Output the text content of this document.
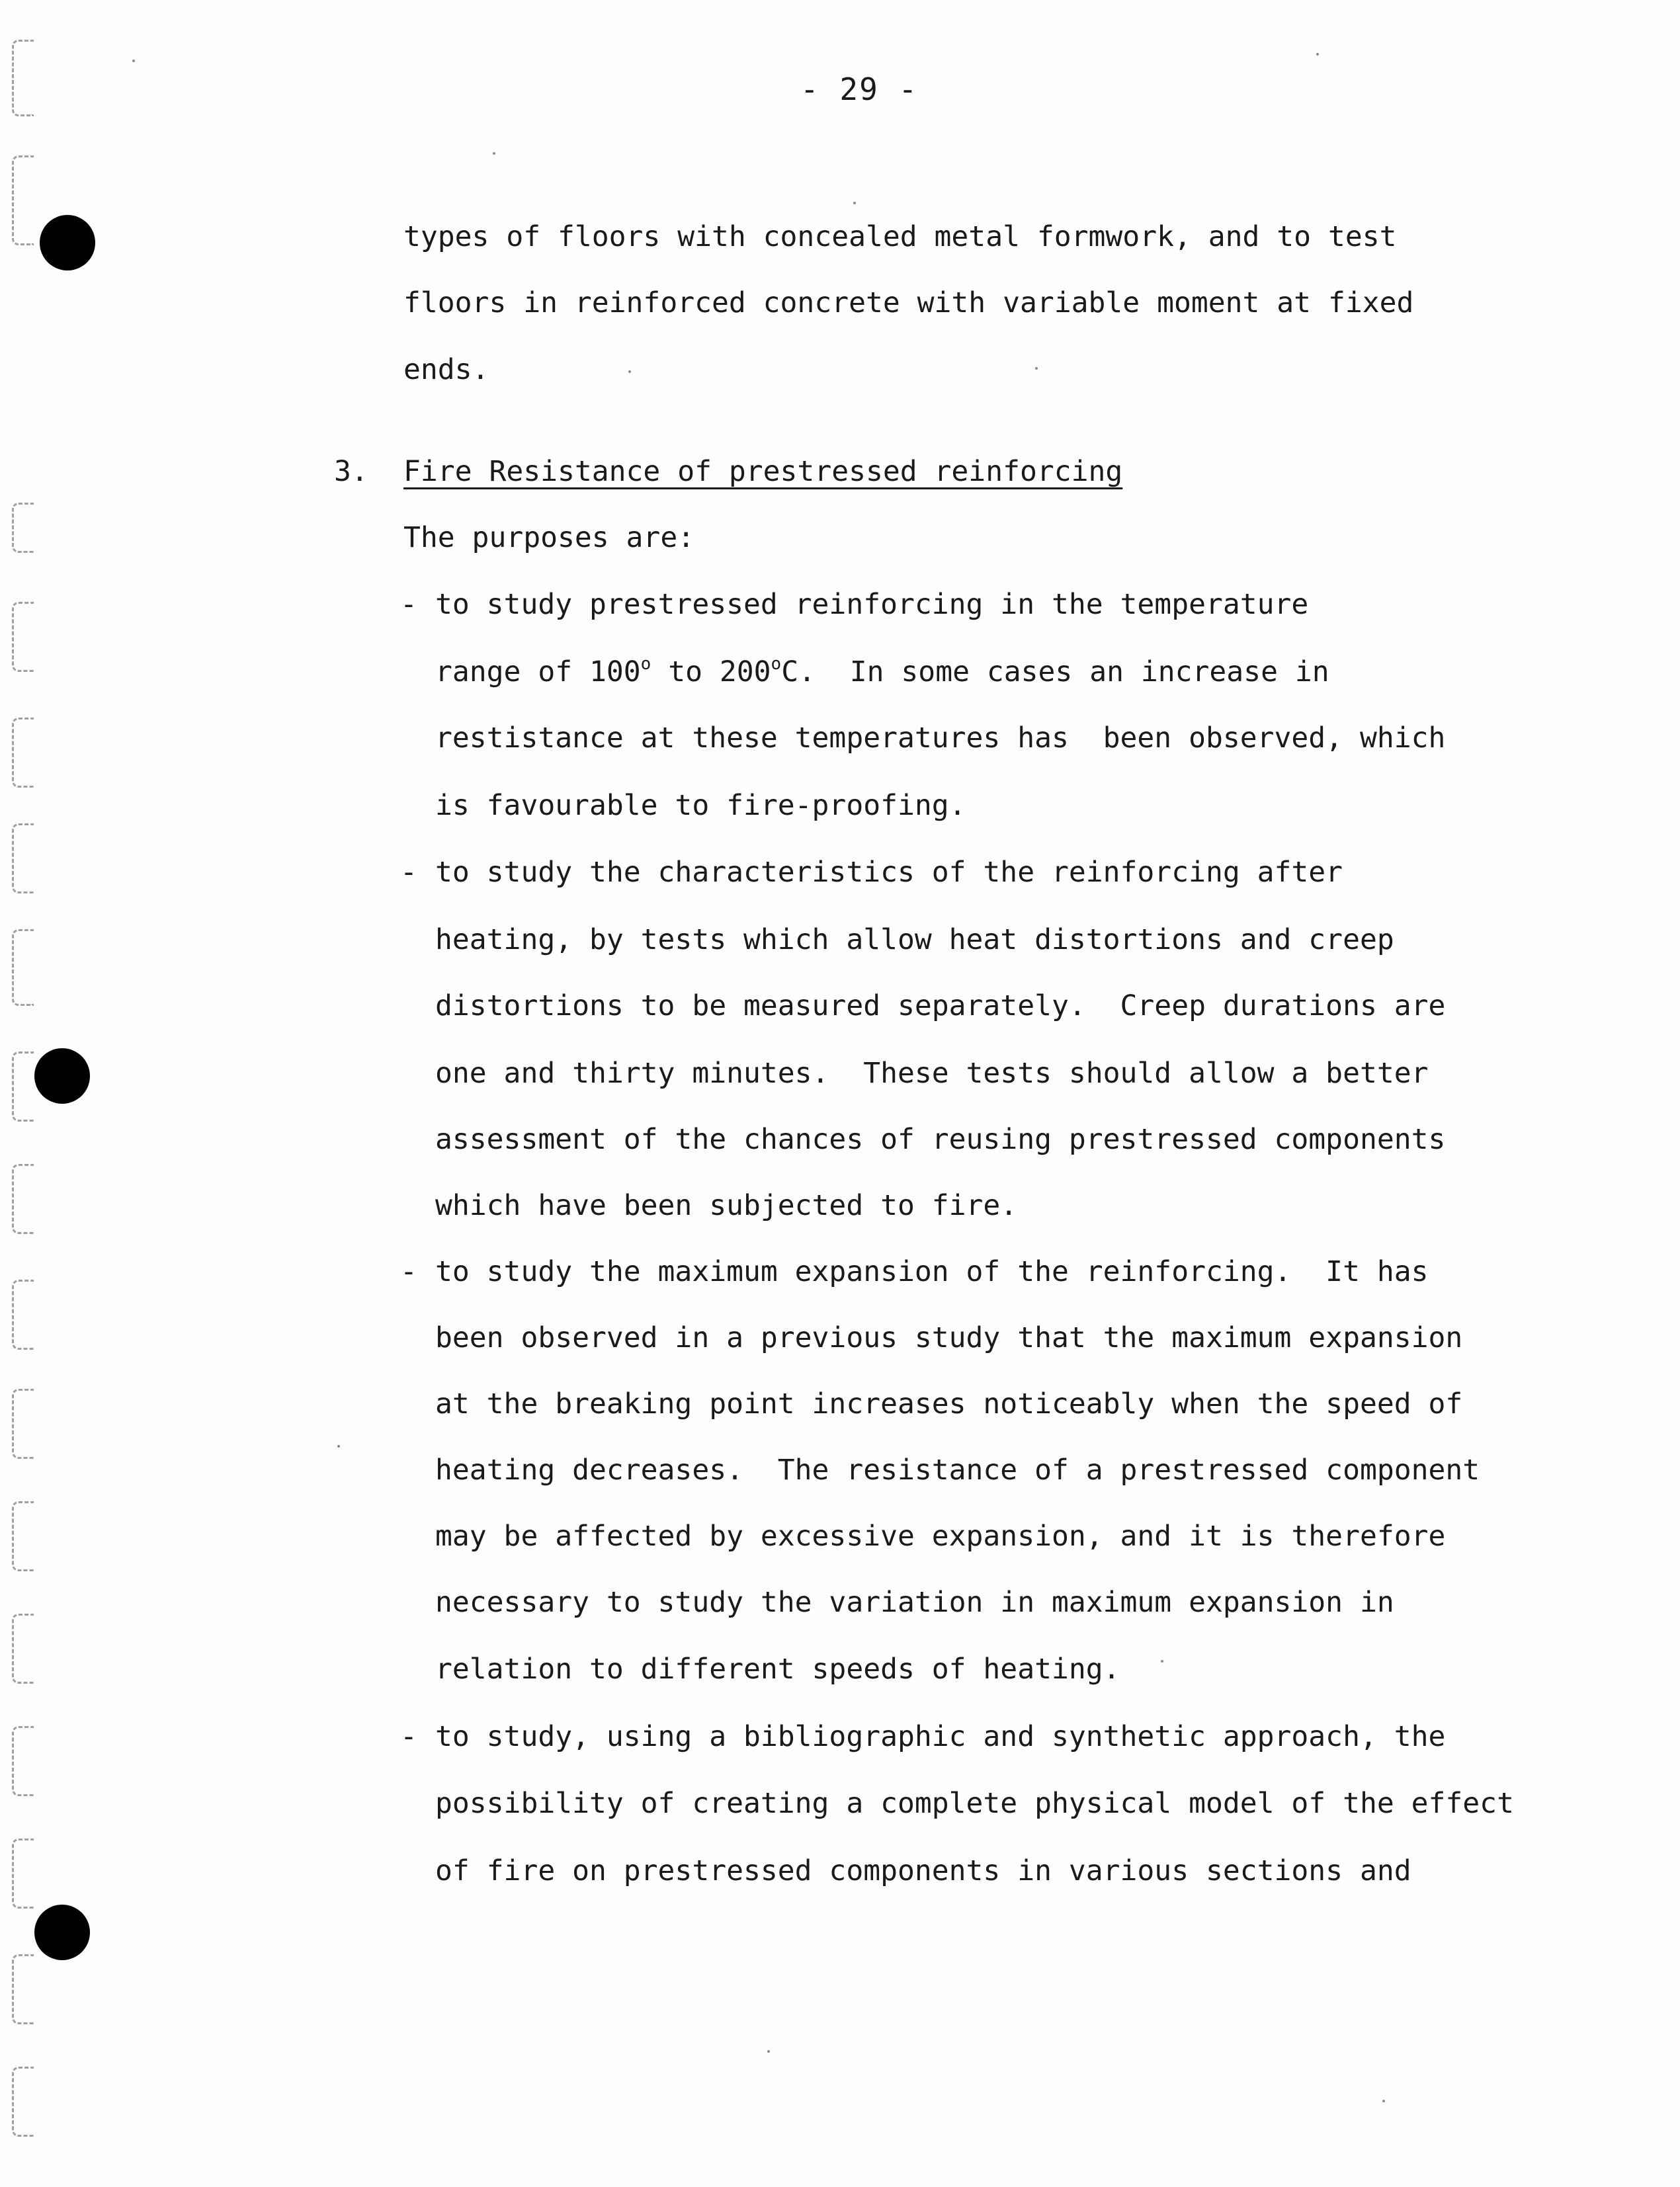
- 29 -
types of floors with concealed metal formwork, and to test
floors in reinforced concrete with variable moment at fixed
ends.
3. Fire Resistance of prestressed reinforcing
The purposes are:
- to study prestressed reinforcing in the temperature
range of 100$^o$ to 200$^o$C.  In some cases an increase in
restistance at these temperatures has  been observed, which
is favourable to fire-proofing.
- to study the characteristics of the reinforcing after
heating, by tests which allow heat distortions and creep
distortions to be measured separately.  Creep durations are
one and thirty minutes.  These tests should allow a better
assessment of the chances of reusing prestressed components
which have been subjected to fire.
- to study the maximum expansion of the reinforcing.  It has
been observed in a previous study that the maximum expansion
at the breaking point increases noticeably when the speed of
heating decreases.  The resistance of a prestressed component
may be affected by excessive expansion, and it is therefore
necessary to study the variation in maximum expansion in
relation to different speeds of heating.
- to study, using a bibliographic and synthetic approach, the
possibility of creating a complete physical model of the effect
of fire on prestressed components in various sections and
